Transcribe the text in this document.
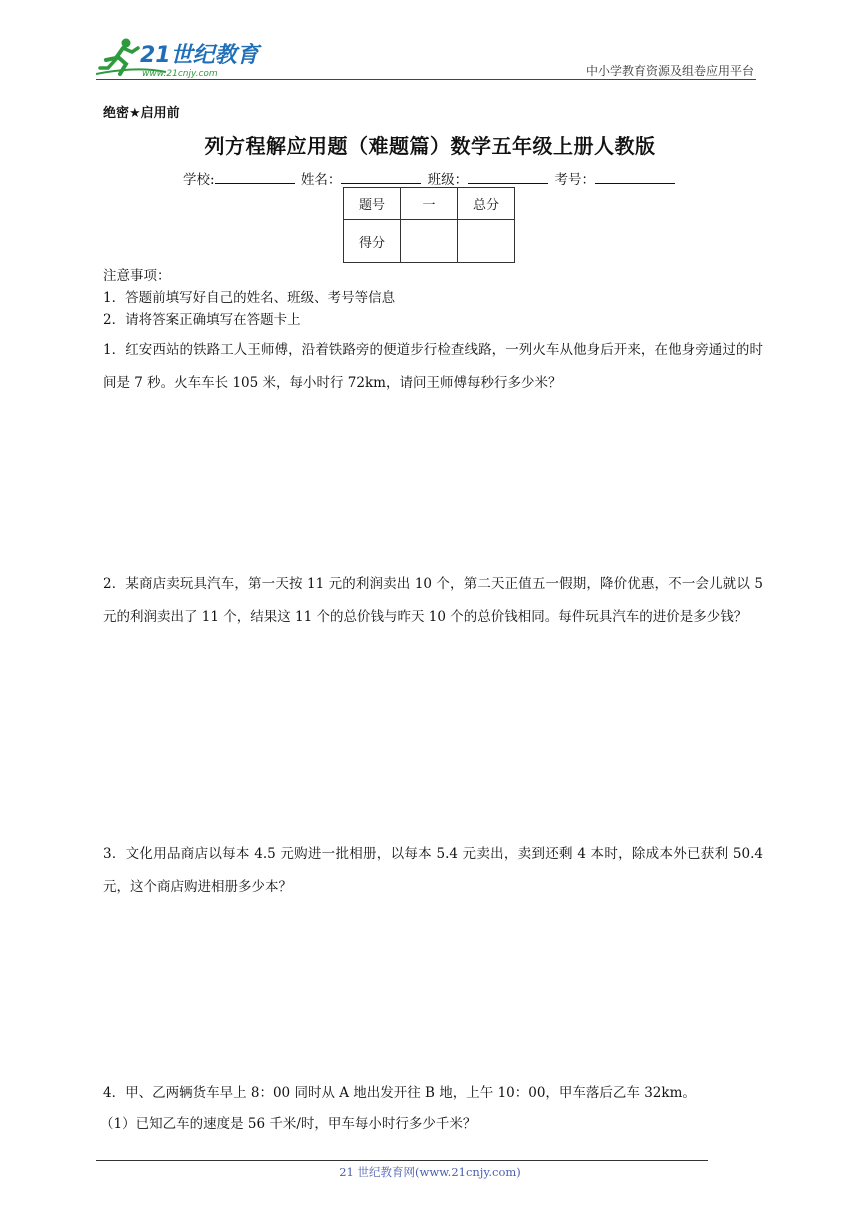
21世纪教育
www.21cnjy.com	中小学教育资源及组卷应用平台
绝密★启用前
列方程解应用题（难题篇）数学五年级上册人教版
学校:	姓名：	班级：	考号：
题号	一	总分
得分		
注意事项：
1．答题前填写好自己的姓名、班级、考号等信息
2．请将答案正确填写在答题卡上
1．红安西站的铁路工人王师傅，沿着铁路旁的便道步行检查线路，一列火车从他身后开来，在他身旁通过的时间是 7 秒。火车车长 105 米，每小时行 72km，请问王师傅每秒行多少米？
2．某商店卖玩具汽车，第一天按 11 元的利润卖出 10 个，第二天正值五一假期，降价优惠，不一会儿就以 5 元的利润卖出了 11 个，结果这 11 个的总价钱与昨天 10 个的总价钱相同。每件玩具汽车的进价是多少钱？
3．文化用品商店以每本 4.5 元购进一批相册，以每本 5.4 元卖出，卖到还剩 4 本时，除成本外已获利 50.4 元，这个商店购进相册多少本？
4．甲、乙两辆货车早上 8：00 同时从 A 地出发开往 B 地，上午 10：00，甲车落后乙车 32km。
（1）已知乙车的速度是 56 千米/时，甲车每小时行多少千米？
21 世纪教育网(www.21cnjy.com)
